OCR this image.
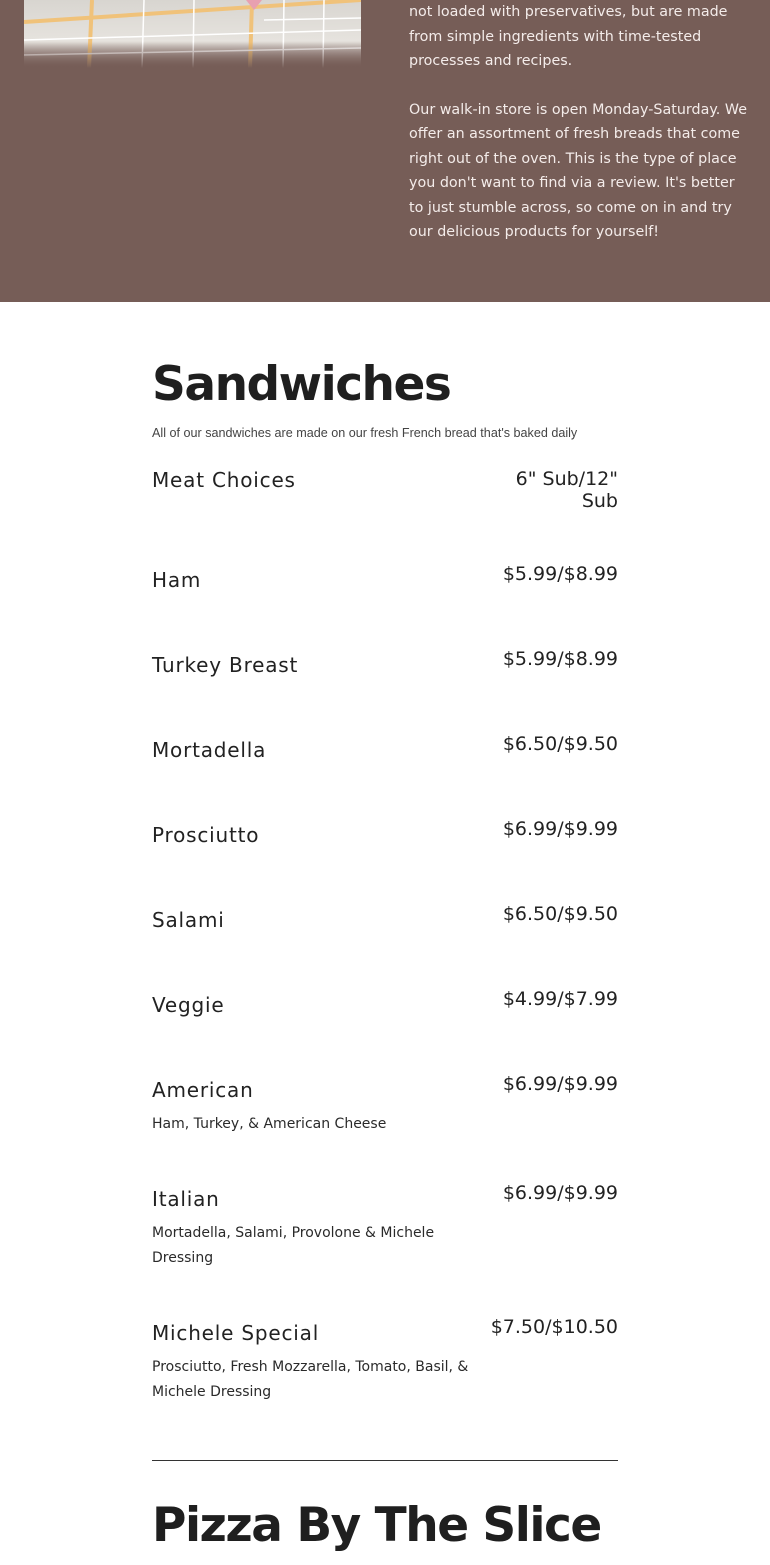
not loaded with preservatives, but are made from simple ingredients with time-tested processes and recipes.

Our walk-in store is open Monday-Saturday. We offer an assortment of fresh breads that come right out of the oven. This is the type of place you don't want to find via a review. It's better to just stumble across, so come on in and try our delicious products for yourself!

Sandwiches
All of our sandwiches are made on our fresh French bread that's baked daily
Meat Choices	6" Sub/12" Sub
Ham	$5.99/$8.99
Turkey Breast	$5.99/$8.99
Mortadella	$6.50/$9.50
Prosciutto	$6.99/$9.99
Salami	$6.50/$9.50
Veggie	$4.99/$7.99
American	$6.99/$9.99
Ham, Turkey, & American Cheese
Italian	$6.99/$9.99
Mortadella, Salami, Provolone & Michele Dressing
Michele Special	$7.50/$10.50
Prosciutto, Fresh Mozzarella, Tomato, Basil, & Michele Dressing
Pizza By The Slice
